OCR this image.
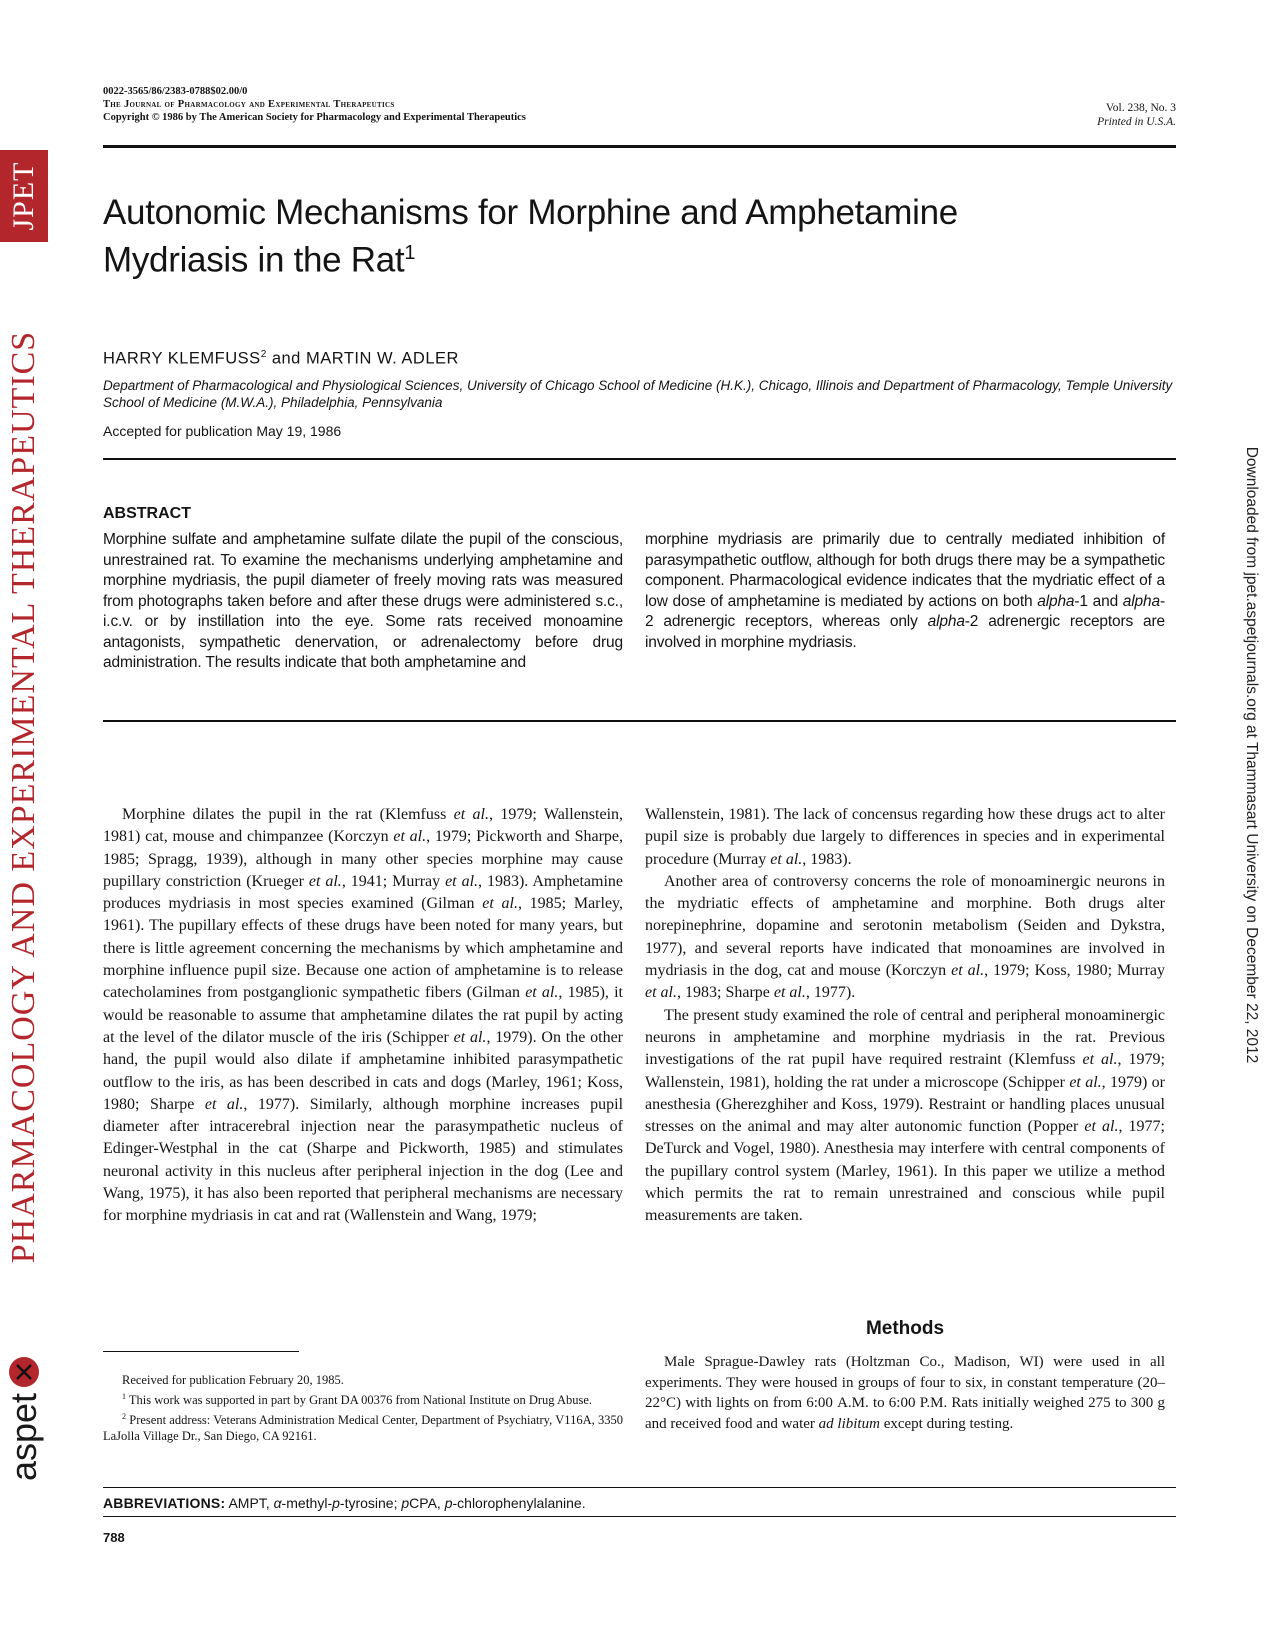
JPET
PHARMACOLOGY AND EXPERIMENTAL THERAPEUTICS
a
spet
Downloaded from jpet.aspetjournals.org at Thammasart University on December 22, 2012
0022-3565/86/2383-0788$02.00/0
The Journal of Pharmacology and Experimental Therapeutics
Copyright © 1986 by The American Society for Pharmacology and Experimental Therapeutics
Vol. 238, No. 3
Printed in U.S.A.
Autonomic Mechanisms for Morphine and Amphetamine
Mydriasis in the Rat$^1$
HARRY KLEMFUSS$^2$ and MARTIN W. ADLER
Department of Pharmacological and Physiological Sciences, University of Chicago School of Medicine (H.K.), Chicago, Illinois and Department of Pharmacology, Temple University School of Medicine (M.W.A.), Philadelphia, Pennsylvania
Accepted for publication May 19, 1986
ABSTRACT
Morphine sulfate and amphetamine sulfate dilate the pupil of the conscious, unrestrained rat. To examine the mechanisms underlying amphetamine and morphine mydriasis, the pupil diameter of freely moving rats was measured from photographs taken before and after these drugs were administered s.c., i.c.v. or by instillation into the eye. Some rats received monoamine antagonists, sympathetic denervation, or adrenalectomy before drug administration. The results indicate that both amphetamine and
morphine mydriasis are primarily due to centrally mediated inhibition of parasympathetic outflow, although for both drugs there may be a sympathetic component. Pharmacological evidence indicates that the mydriatic effect of a low dose of amphetamine is mediated by actions on both alpha-1 and alpha-2 adrenergic receptors, whereas only alpha-2 adrenergic receptors are involved in morphine mydriasis.

Morphine dilates the pupil in the rat (Klemfuss et al., 1979; Wallenstein, 1981) cat, mouse and chimpanzee (Korczyn et al., 1979; Pickworth and Sharpe, 1985; Spragg, 1939), although in many other species morphine may cause pupillary constriction (Krueger et al., 1941; Murray et al., 1983). Amphetamine produces mydriasis in most species examined (Gilman et al., 1985; Marley, 1961). The pupillary effects of these drugs have been noted for many years, but there is little agreement concerning the mechanisms by which amphetamine and morphine influence pupil size. Because one action of amphetamine is to release catecholamines from postganglionic sympathetic fibers (Gilman et al., 1985), it would be reasonable to assume that amphetamine dilates the rat pupil by acting at the level of the dilator muscle of the iris (Schipper et al., 1979). On the other hand, the pupil would also dilate if amphetamine inhibited parasympathetic outflow to the iris, as has been described in cats and dogs (Marley, 1961; Koss, 1980; Sharpe et al., 1977). Similarly, although morphine increases pupil diameter after intracerebral injection near the parasympathetic nucleus of Edinger-Westphal in the cat (Sharpe and Pickworth, 1985) and stimulates neuronal activity in this nucleus after peripheral injection in the dog (Lee and Wang, 1975), it has also been reported that peripheral mechanisms are necessary for morphine mydriasis in cat and rat (Wallenstein and Wang, 1979;

Wallenstein, 1981). The lack of concensus regarding how these drugs act to alter pupil size is probably due largely to differences in species and in experimental procedure (Murray et al., 1983).

Another area of controversy concerns the role of monoaminergic neurons in the mydriatic effects of amphetamine and morphine. Both drugs alter norepinephrine, dopamine and serotonin metabolism (Seiden and Dykstra, 1977), and several reports have indicated that monoamines are involved in mydriasis in the dog, cat and mouse (Korczyn et al., 1979; Koss, 1980; Murray et al., 1983; Sharpe et al., 1977).

The present study examined the role of central and peripheral monoaminergic neurons in amphetamine and morphine mydriasis in the rat. Previous investigations of the rat pupil have required restraint (Klemfuss et al., 1979; Wallenstein, 1981), holding the rat under a microscope (Schipper et al., 1979) or anesthesia (Gherezghiher and Koss, 1979). Restraint or handling places unusual stresses on the animal and may alter autonomic function (Popper et al., 1977; DeTurck and Vogel, 1980). Anesthesia may interfere with central components of the pupillary control system (Marley, 1961). In this paper we utilize a method which permits the rat to remain unrestrained and conscious while pupil measurements are taken.

Methods
Male Sprague-Dawley rats (Holtzman Co., Madison, WI) were used in all experiments. They were housed in groups of four to six, in constant temperature (20–22°C) with lights on from 6:00 A.M. to 6:00 P.M. Rats initially weighed 275 to 300 g and received food and water ad libitum except during testing.
Received for publication February 20, 1985.
$^1$ This work was supported in part by Grant DA 00376 from National Institute on Drug Abuse.
$^2$ Present address: Veterans Administration Medical Center, Department of Psychiatry, V116A, 3350 LaJolla Village Dr., San Diego, CA 92161.
ABBREVIATIONS: AMPT, α-methyl-p-tyrosine; pCPA, p-chlorophenylalanine.
788
